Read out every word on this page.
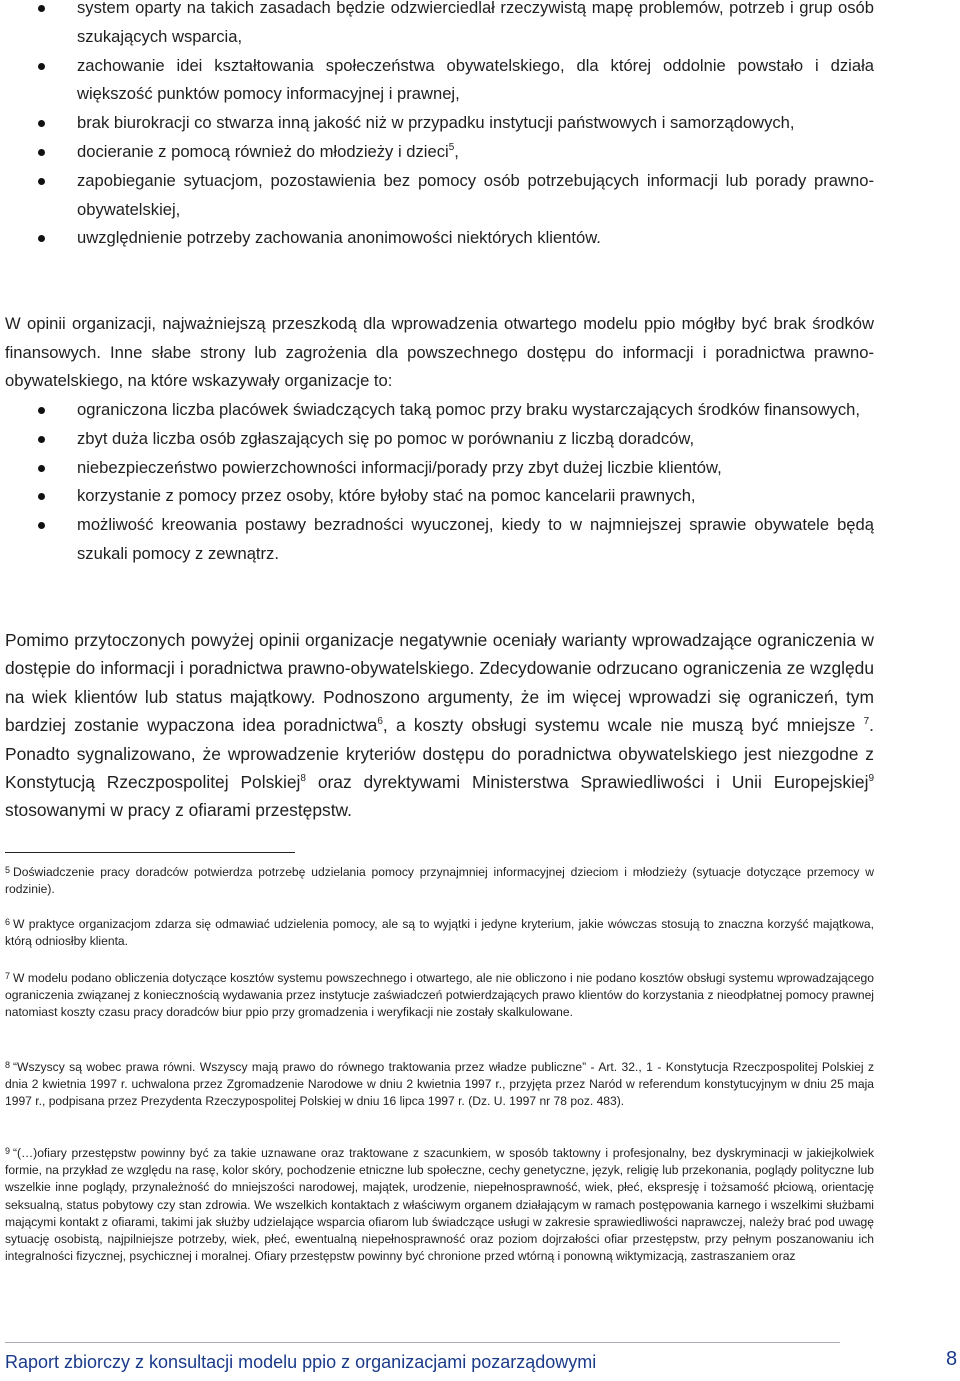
system oparty na takich zasadach będzie odzwierciedlał rzeczywistą mapę problemów, potrzeb i grup osób szukających wsparcia,
zachowanie idei kształtowania społeczeństwa obywatelskiego, dla której oddolnie powstało i działa większość punktów pomocy informacyjnej i prawnej,
brak biurokracji co stwarza inną jakość niż w przypadku instytucji państwowych i samorządowych,
docieranie z pomocą również do młodzieży i dzieci$^5$,
zapobieganie sytuacjom, pozostawienia bez pomocy osób potrzebujących informacji lub porady prawno-obywatelskiej,
uwzględnienie potrzeby zachowania anonimowości niektórych klientów.

W opinii organizacji, najważniejszą przeszkodą dla wprowadzenia otwartego modelu ppio mógłby być brak środków finansowych. Inne słabe strony lub zagrożenia dla powszechnego dostępu do informacji i poradnictwa prawno-obywatelskiego, na które wskazywały organizacje to:

ograniczona liczba placówek świadczących taką pomoc przy braku wystarczających środków finansowych,
zbyt duża liczba osób zgłaszających się po pomoc w porównaniu z liczbą doradców,
niebezpieczeństwo powierzchowności informacji/porady przy zbyt dużej liczbie klientów,
korzystanie z pomocy przez osoby, które byłoby stać na pomoc kancelarii prawnych,
możliwość kreowania postawy bezradności wyuczonej, kiedy to w najmniejszej sprawie obywatele będą szukali pomocy z zewnątrz.

Pomimo przytoczonych powyżej opinii organizacje negatywnie oceniały warianty wprowadzające ograniczenia w dostępie do informacji i poradnictwa prawno-obywatelskiego. Zdecydowanie odrzucano ograniczenia ze względu na wiek klientów lub status majątkowy. Podnoszono argumenty, że im więcej wprowadzi się ograniczeń, tym bardziej zostanie wypaczona idea poradnictwa$^6$, a koszty obsługi systemu wcale nie muszą być mniejsze $^7$. Ponadto sygnalizowano, że wprowadzenie kryteriów dostępu do poradnictwa obywatelskiego jest niezgodne z Konstytucją Rzeczpospolitej Polskiej$^8$ oraz dyrektywami Ministerstwa Sprawiedliwości i Unii Europejskiej$^9$ stosowanymi w pracy z ofiarami przestępstw.

$^5$ Doświadczenie pracy doradców potwierdza potrzebę udzielania pomocy przynajmniej informacyjnej dzieciom i młodzieży (sytuacje dotyczące przemocy w rodzinie).

$^6$ W praktyce organizacjom zdarza się odmawiać udzielenia pomocy, ale są to wyjątki i jedyne kryterium, jakie wówczas stosują to znaczna korzyść majątkowa, którą odniosłby klienta.

$^7$ W modelu podano obliczenia dotyczące kosztów systemu powszechnego i otwartego, ale nie obliczono i nie podano kosztów obsługi systemu wprowadzającego ograniczenia związanej z koniecznością wydawania przez instytucje zaświadczeń potwierdzających prawo klientów do korzystania z nieodpłatnej pomocy prawnej natomiast koszty czasu pracy doradców biur ppio przy gromadzenia i weryfikacji nie zostały skalkulowane.

$^8$ “Wszyscy są wobec prawa równi. Wszyscy mają prawo do równego traktowania przez władze publiczne” - Art. 32., 1 - Konstytucja Rzeczpospolitej Polskiej z dnia 2 kwietnia 1997 r. uchwalona przez Zgromadzenie Narodowe w dniu 2 kwietnia 1997 r., przyjęta przez Naród w referendum konstytucyjnym w dniu 25 maja 1997 r., podpisana przez Prezydenta Rzeczypospolitej Polskiej w dniu 16 lipca 1997 r. (Dz. U. 1997 nr 78 poz. 483).

$^9$ “(…)ofiary przestępstw powinny być za takie uznawane oraz traktowane z szacunkiem, w sposób taktowny i profesjonalny, bez dyskryminacji w jakiejkolwiek formie, na przykład ze względu na rasę, kolor skóry, pochodzenie etniczne lub społeczne, cechy genetyczne, język, religię lub przekonania, poglądy polityczne lub wszelkie inne poglądy, przynależność do mniejszości narodowej, majątek, urodzenie, niepełnosprawność, wiek, płeć, ekspresję i tożsamość płciową, orientację seksualną, status pobytowy czy stan zdrowia. We wszelkich kontaktach z właściwym organem działającym w ramach postępowania karnego i wszelkimi służbami mającymi kontakt z ofiarami, takimi jak służby udzielające wsparcia ofiarom lub świadczące usługi w zakresie sprawiedliwości naprawczej, należy brać pod uwagę sytuację osobistą, najpilniejsze potrzeby, wiek, płeć, ewentualną niepełnosprawność oraz poziom dojrzałości ofiar przestępstw, przy pełnym poszanowaniu ich integralności fizycznej, psychicznej i moralnej. Ofiary przestępstw powinny być chronione przed wtórną i ponowną wiktymizacją, zastraszaniem oraz

Raport zbiorczy z konsultacji modelu ppio z organizacjami pozarządowymi	8
